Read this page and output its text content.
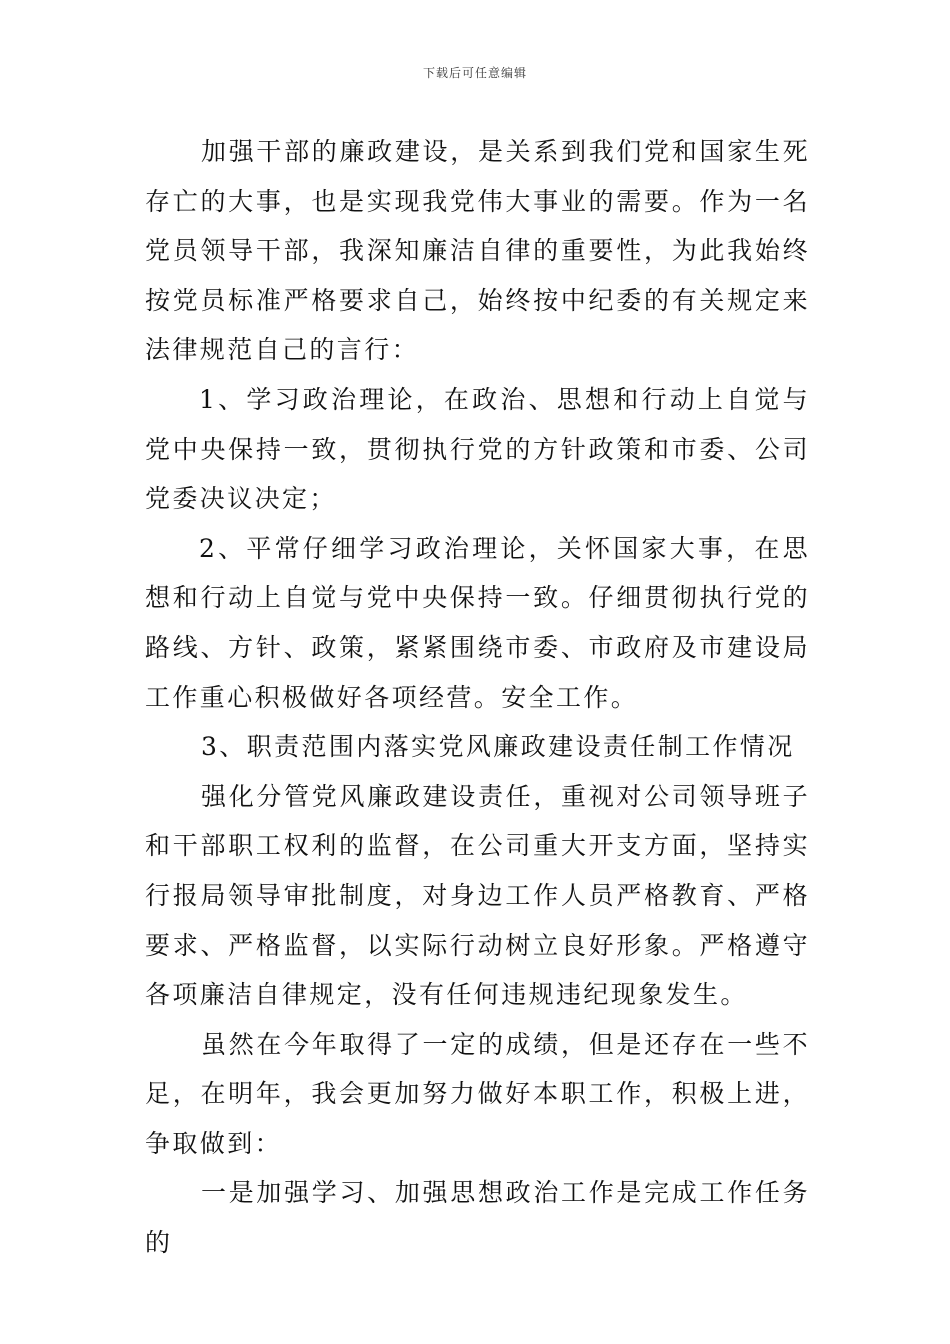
下载后可任意编辑

加强干部的廉政建设，是关系到我们党和国家生死存亡的大事，也是实现我党伟大事业的需要。作为一名党员领导干部，我深知廉洁自律的重要性，为此我始终按党员标准严格要求自己，始终按中纪委的有关规定来法律规范自己的言行：

1、学习政治理论，在政治、思想和行动上自觉与党中央保持一致，贯彻执行党的方针政策和市委、公司党委决议决定；

2、平常仔细学习政治理论，关怀国家大事，在思想和行动上自觉与党中央保持一致。仔细贯彻执行党的路线、方针、政策，紧紧围绕市委、市政府及市建设局工作重心积极做好各项经营。安全工作。

3、职责范围内落实党风廉政建设责任制工作情况

强化分管党风廉政建设责任，重视对公司领导班子和干部职工权利的监督，在公司重大开支方面，坚持实行报局领导审批制度，对身边工作人员严格教育、严格要求、严格监督，以实际行动树立良好形象。严格遵守各项廉洁自律规定，没有任何违规违纪现象发生。

虽然在今年取得了一定的成绩，但是还存在一些不足，在明年，我会更加努力做好本职工作，积极上进，争取做到：

一是加强学习、加强思想政治工作是完成工作任务的
